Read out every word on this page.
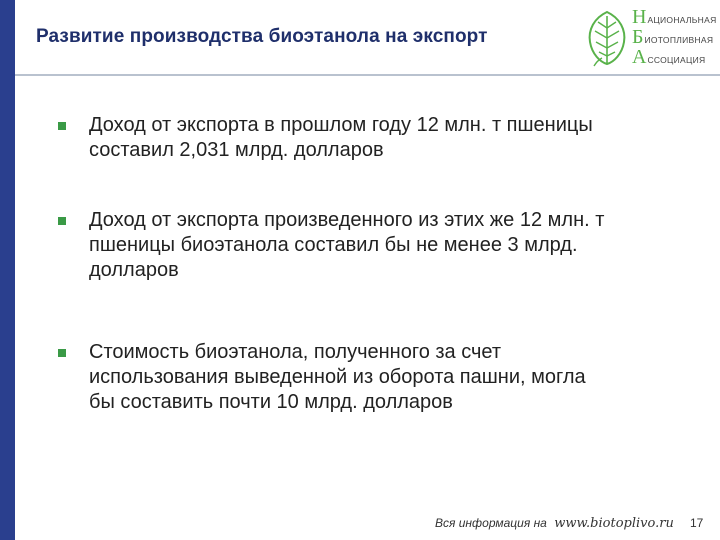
Развитие производства биоэтанола на экспорт
НАЦИОНАЛЬНАЯ
БИОТОПЛИВНАЯ
АССОЦИАЦИЯ
Доход от экспорта в прошлом году 12 млн. т пшеницы составил 2,031 млрд. долларов
Доход от экспорта произведенного из этих же 12 млн. т пшеницы биоэтанола составил бы не менее 3 млрд. долларов
Стоимость биоэтанола, полученного за счет использования выведенной из оборота пашни, могла бы составить почти 10 млрд. долларов
Вся информация на www.biotoplivo.ru 17
